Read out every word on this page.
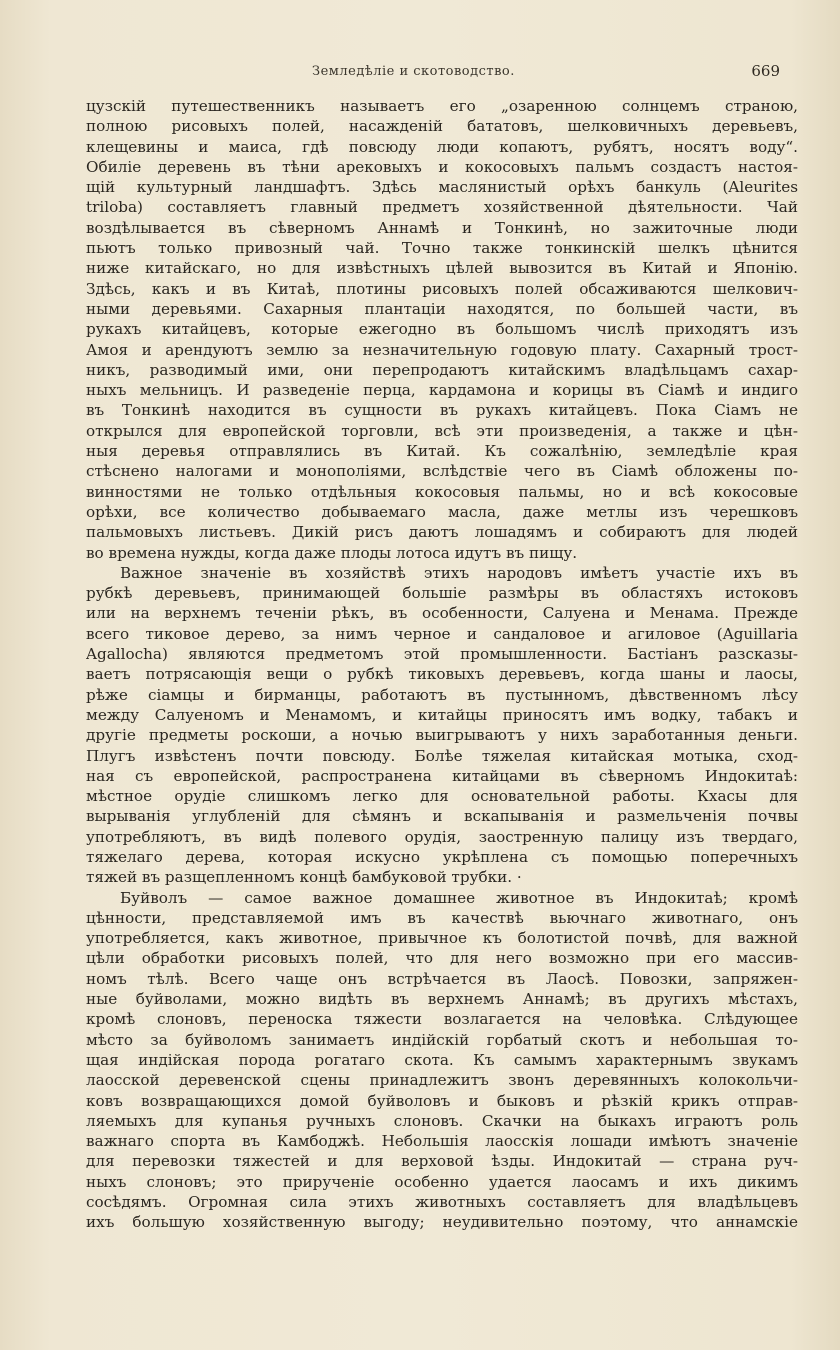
Земледѣліе и скотоводство.	669
цузскій путешественникъ называетъ его „озаренною солнцемъ страною,
полною рисовыхъ полей, насажденій бататовъ, шелковичныхъ деревьевъ,
клещевины и маиса, гдѣ повсюду люди копаютъ, рубятъ, носятъ воду“.
Обиліе деревень въ тѣни арековыхъ и кокосовыхъ пальмъ создастъ настоя-
щій культурный ландшафтъ. Здѣсь маслянистый орѣхъ банкуль (Aleurites
triloba) составляетъ главный предметъ хозяйственной дѣятельности. Чай
воздѣлывается въ сѣверномъ Аннамѣ и Тонкинѣ, но зажиточные люди
пьютъ только привозный чай. Точно также тонкинскій шелкъ цѣнится
ниже китайскаго, но для извѣстныхъ цѣлей вывозится въ Китай и Японію.
Здѣсь, какъ и въ Китаѣ, плотины рисовыхъ полей обсаживаются шелкович-
ными деревьями. Сахарныя плантаціи находятся, по большей части, въ
рукахъ китайцевъ, которые ежегодно въ большомъ числѣ приходятъ изъ
Амоя и арендуютъ землю за незначительную годовую плату. Сахарный трост-
никъ, разводимый ими, они перепродаютъ китайскимъ владѣльцамъ сахар-
ныхъ мельницъ. И разведеніе перца, кардамона и корицы въ Сіамѣ и индиго
въ Тонкинѣ находится въ сущности въ рукахъ китайцевъ. Пока Сіамъ не
открылся для европейской торговли, всѣ эти произведенія, а также и цѣн-
ныя деревья отправлялись въ Китай. Къ сожалѣнію, земледѣліе края
стѣснено налогами и монополіями, вслѣдствіе чего въ Сіамѣ обложены по-
винностями не только отдѣльныя кокосовыя пальмы, но и всѣ кокосовые
орѣхи, все количество добываемаго масла, даже метлы изъ черешковъ
пальмовыхъ листьевъ. Дикій рисъ даютъ лошадямъ и собираютъ для людей
во времена нужды, когда даже плоды лотоса идутъ въ пищу.
Важное значеніе въ хозяйствѣ этихъ народовъ имѣетъ участіе ихъ въ
рубкѣ деревьевъ, принимающей большіе размѣры въ областяхъ истоковъ
или на верхнемъ теченіи рѣкъ, въ особенности, Салуена и Менама. Прежде
всего тиковое дерево, за нимъ черное и сандаловое и агиловое (Aguillaria
Agallocha) являются предметомъ этой промышленности. Бастіанъ разсказы-
ваетъ потрясающія вещи о рубкѣ тиковыхъ деревьевъ, когда шаны и лаосы,
рѣже сіамцы и бирманцы, работаютъ въ пустынномъ, дѣвственномъ лѣсу
между Салуеномъ и Менамомъ, и китайцы приносятъ имъ водку, табакъ и
другіе предметы роскоши, а ночью выигрываютъ у нихъ заработанныя деньги.
Плугъ извѣстенъ почти повсюду. Болѣе тяжелая китайская мотыка, сход-
ная съ европейской, распространена китайцами въ сѣверномъ Индокитаѣ:
мѣстное орудіе слишкомъ легко для основательной работы. Кхасы для
вырыванія углубленій для сѣмянъ и вскапыванія и размельченія почвы
употребляютъ, въ видѣ полевого орудія, заостренную палицу изъ твердаго,
тяжелаго дерева, которая искусно укрѣплена съ помощью поперечныхъ
тяжей въ разщепленномъ концѣ бамбуковой трубки. ·
Буйволъ — самое важное домашнее животное въ Индокитаѣ; кромѣ
цѣнности, представляемой имъ въ качествѣ вьючнаго животнаго, онъ
употребляется, какъ животное, привычное къ болотистой почвѣ, для важной
цѣли обработки рисовыхъ полей, что для него возможно при его массив-
номъ тѣлѣ. Всего чаще онъ встрѣчается въ Лаосѣ. Повозки, запряжен-
ные буйволами, можно видѣть въ верхнемъ Аннамѣ; въ другихъ мѣстахъ,
кромѣ слоновъ, переноска тяжести возлагается на человѣка. Слѣдующее
мѣсто за буйволомъ занимаетъ индійскій горбатый скотъ и небольшая то-
щая индійская порода рогатаго скота. Къ самымъ характернымъ звукамъ
лаосской деревенской сцены принадлежитъ звонъ деревянныхъ колокольчи-
ковъ возвращающихся домой буйволовъ и быковъ и рѣзкій крикъ отправ-
ляемыхъ для купанья ручныхъ слоновъ. Скачки на быкахъ играютъ роль
важнаго спорта въ Камбоджѣ. Небольшія лаосскія лошади имѣютъ значеніе
для перевозки тяжестей и для верховой ѣзды. Индокитай — страна руч-
ныхъ слоновъ; это прирученіе особенно удается лаосамъ и ихъ дикимъ
сосѣдямъ. Огромная сила этихъ животныхъ составляетъ для владѣльцевъ
ихъ большую хозяйственную выгоду; неудивительно поэтому, что аннамскіе
